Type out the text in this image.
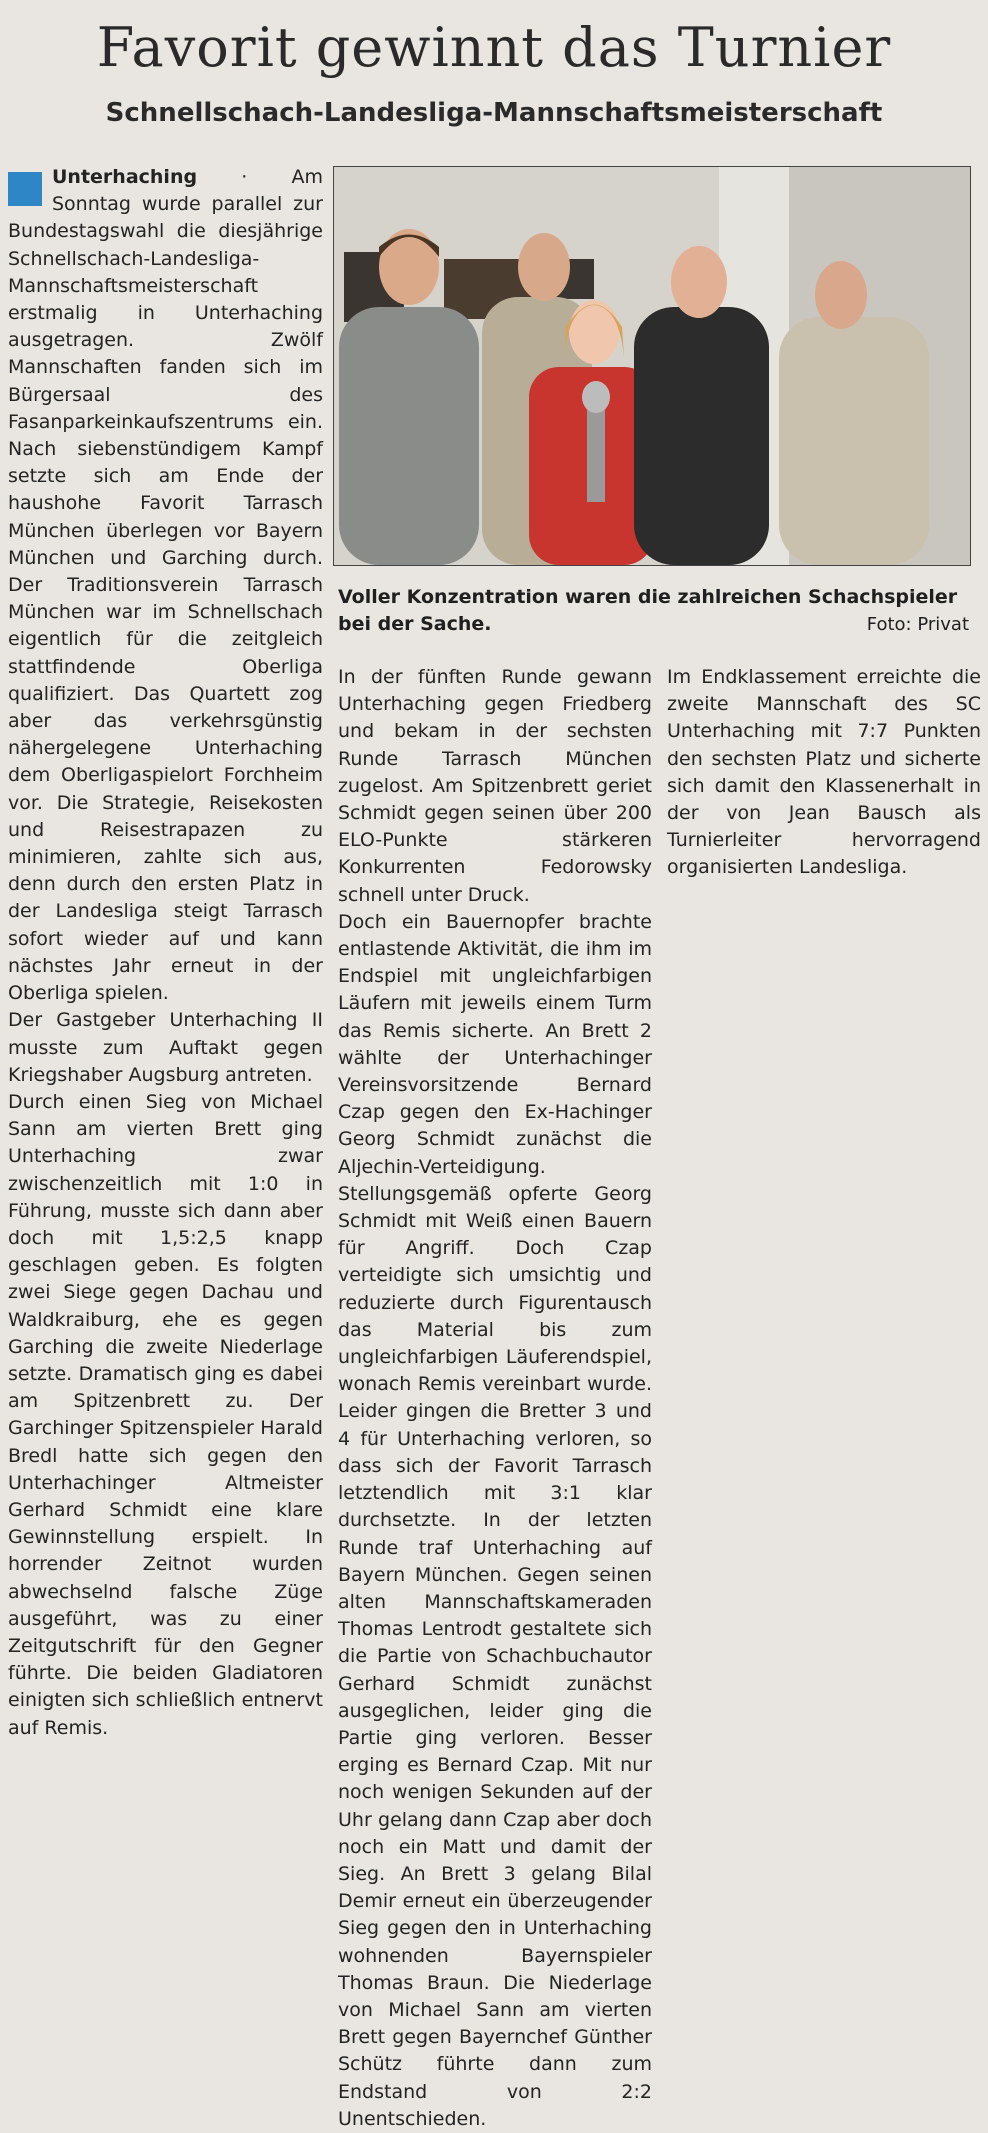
Favorit gewinnt das Turnier
Schnellschach-Landesliga-Mannschaftsmeisterschaft
Voller Konzentration waren die zahlreichen Schachspieler bei der Sache.	Foto: Privat

Unterhaching · Am Sonntag wurde parallel zur Bundestagswahl die diesjährige Schnellschach-Landesliga-Mannschaftsmeisterschaft erstmalig in Unterhaching ausgetragen. Zwölf Mannschaften fanden sich im Bürgersaal des Fasanparkeinkaufszentrums ein. Nach siebenstündigem Kampf setzte sich am Ende der haushohe Favorit Tarrasch München überlegen vor Bayern München und Garching durch. Der Traditionsverein Tarrasch München war im Schnellschach eigentlich für die zeitgleich stattfindende Oberliga qualifiziert. Das Quartett zog aber das verkehrsgünstig nähergelegene Unterhaching dem Oberligaspielort Forchheim vor. Die Strategie, Reisekosten und Reisestrapazen zu minimieren, zahlte sich aus, denn durch den ersten Platz in der Landesliga steigt Tarrasch sofort wieder auf und kann nächstes Jahr erneut in der Oberliga spielen.

Der Gastgeber Unterhaching II musste zum Auftakt gegen Kriegshaber Augsburg antreten.

Durch einen Sieg von Michael Sann am vierten Brett ging Unterhaching zwar zwischenzeitlich mit 1:0 in Führung, musste sich dann aber doch mit 1,5:2,5 knapp geschlagen geben. Es folgten zwei Siege gegen Dachau und Waldkraiburg, ehe es gegen Garching die zweite Niederlage setzte. Dramatisch ging es dabei am Spitzenbrett zu. Der Garchinger Spitzenspieler Harald Bredl hatte sich gegen den Unterhachinger Altmeister Gerhard Schmidt eine klare Gewinnstellung erspielt. In horrender Zeitnot wurden abwechselnd falsche Züge ausgeführt, was zu einer Zeitgutschrift für den Gegner führte. Die beiden Gladiatoren einigten sich schließlich entnervt auf Remis.

In der fünften Runde gewann Unterhaching gegen Friedberg und bekam in der sechsten Runde Tarrasch München zugelost. Am Spitzenbrett geriet Schmidt gegen seinen über 200 ELO-Punkte stärkeren Konkurrenten Fedorowsky schnell unter Druck.

Doch ein Bauernopfer brachte entlastende Aktivität, die ihm im Endspiel mit ungleichfarbigen Läufern mit jeweils einem Turm das Remis sicherte. An Brett 2 wählte der Unterhachinger Vereinsvorsitzende Bernard Czap gegen den Ex-Hachinger Georg Schmidt zunächst die Aljechin-Verteidigung. Stellungsgemäß opferte Georg Schmidt mit Weiß einen Bauern für Angriff. Doch Czap verteidigte sich umsichtig und reduzierte durch Figurentausch das Material bis zum ungleichfarbigen Läuferendspiel, wonach Remis vereinbart wurde. Leider gingen die Bretter 3 und 4 für Unterhaching verloren, so dass sich der Favorit Tarrasch letztendlich mit 3:1 klar durchsetzte. In der letzten Runde traf Unterhaching auf Bayern München. Gegen seinen alten Mannschaftskameraden Thomas Lentrodt gestaltete sich die Partie von Schachbuchautor Gerhard Schmidt zunächst ausgeglichen, leider ging die Partie ging verloren. Besser erging es Bernard Czap. Mit nur noch wenigen Sekunden auf der Uhr gelang dann Czap aber doch noch ein Matt und damit der Sieg. An Brett 3 gelang Bilal Demir erneut ein überzeugender Sieg gegen den in Unterhaching wohnenden Bayernspieler Thomas Braun. Die Niederlage von Michael Sann am vierten Brett gegen Bayernchef Günther Schütz führte dann zum Endstand von 2:2 Unentschieden.

Im Endklassement erreichte die zweite Mannschaft des SC Unterhaching mit 7:7 Punkten den sechsten Platz und sicherte sich damit den Klassenerhalt in der von Jean Bausch als Turnierleiter hervorragend organisierten Landesliga.
